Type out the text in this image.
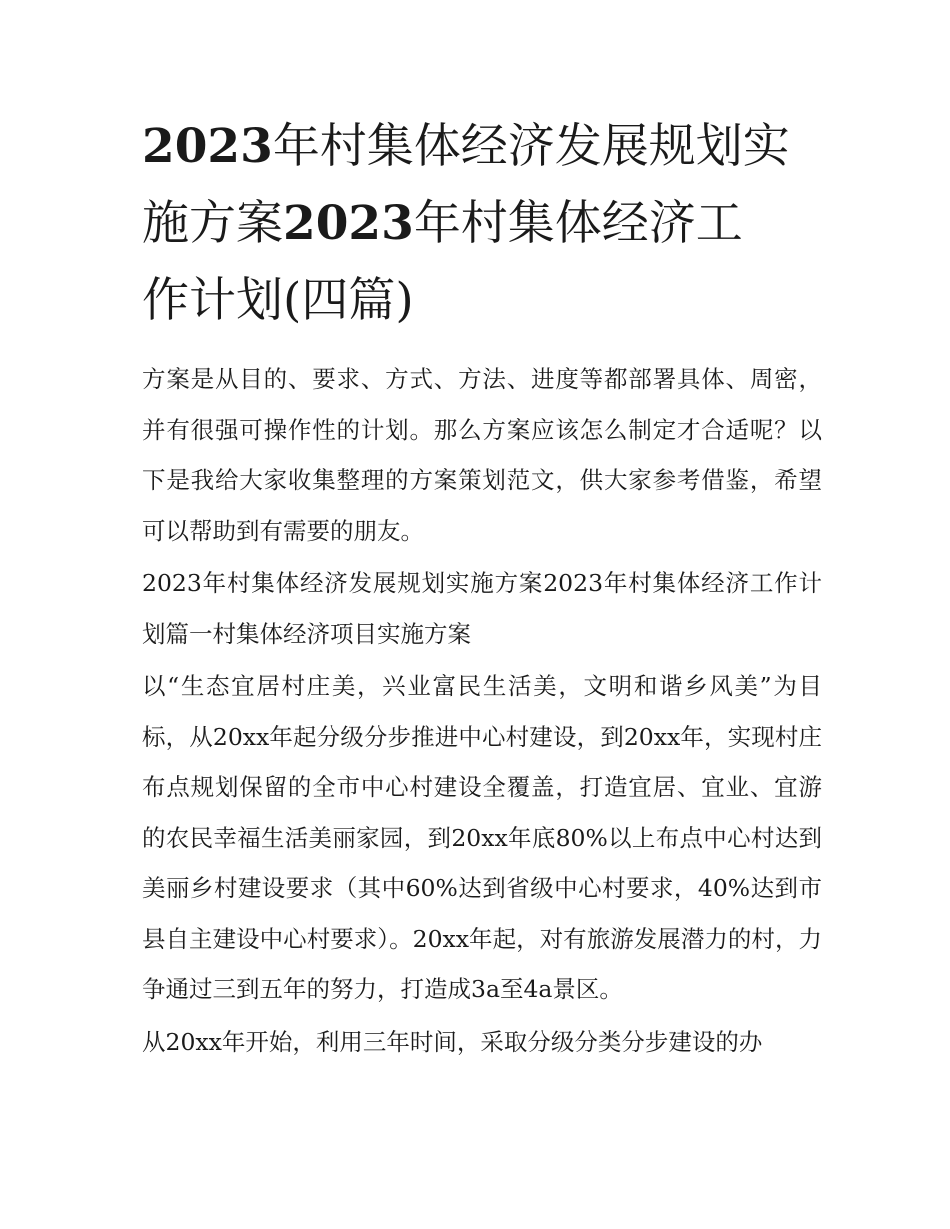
2023年村集体经济发展规划实
施方案2023年村集体经济工
作计划(四篇)

方案是从目的、要求、方式、方法、进度等都部署具体、周密，并有很强可操作性的计划。那么方案应该怎么制定才合适呢？以下是我给大家收集整理的方案策划范文，供大家参考借鉴，希望可以帮助到有需要的朋友。

2023年村集体经济发展规划实施方案2023年村集体经济工作计划篇一村集体经济项目实施方案

以“生态宜居村庄美，兴业富民生活美，文明和谐乡风美”为目标，从20xx年起分级分步推进中心村建设，到20xx年，实现村庄布点规划保留的全市中心村建设全覆盖，打造宜居、宜业、宜游的农民幸福生活美丽家园，到20xx年底80%以上布点中心村达到美丽乡村建设要求（其中60%达到省级中心村要求，40%达到市县自主建设中心村要求）。20xx年起，对有旅游发展潜力的村，力争通过三到五年的努力，打造成3a至4a景区。

从20xx年开始，利用三年时间，采取分级分类分步建设的办
